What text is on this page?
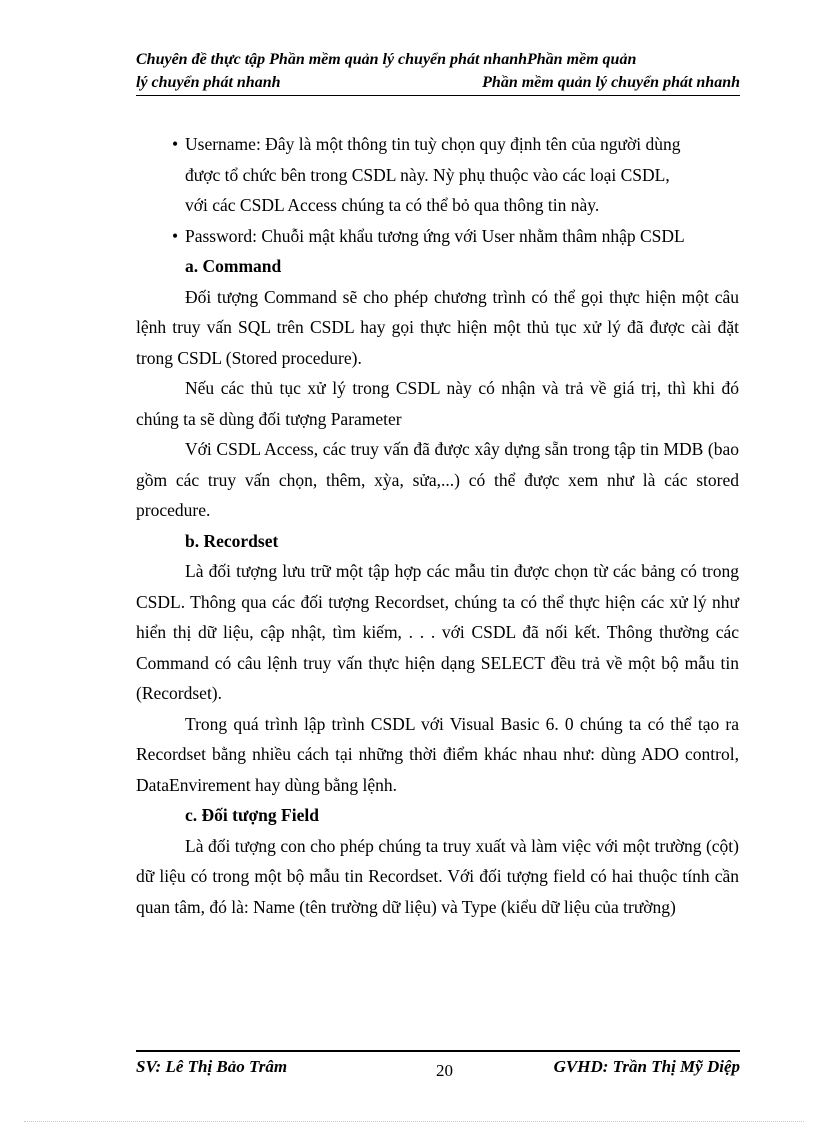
Chuyên đề thực tập Phần mềm quản lý chuyển phát nhanhPhần mềm quản
lý chuyển phát nhanh	Phần mềm quản lý chuyển phát nhanh

• Username: Đây là một thông tin tuỳ chọn quy định tên của người dùng

được tổ chức bên trong CSDL này. Nỳ phụ thuộc vào các loại CSDL,

với các CSDL Access chúng ta có thể bỏ qua thông tin này.

• Password: Chuỗi mật khẩu tương ứng với User nhằm thâm nhập CSDL

a. Command

Đối tượng Command sẽ cho phép chương trình có thể gọi thực hiện một câu lệnh truy vấn SQL trên CSDL hay gọi thực hiện một thủ tục xử lý đã được cài đặt trong CSDL (Stored procedure).

Nếu các thủ tục xử lý trong CSDL này có nhận và trả về giá trị, thì khi đó chúng ta sẽ dùng đối tượng Parameter

Với CSDL Access, các truy vấn đã được xây dựng sẵn trong tập tin MDB (bao gồm các truy vấn chọn, thêm, xỳa, sửa,...) có thể được xem như là các stored procedure.

b. Recordset

Là đối tượng lưu trữ một tập hợp các mẫu tin được chọn từ các bảng có trong CSDL. Thông qua các đối tượng Recordset, chúng ta có thể thực hiện các xử lý như hiển thị dữ liệu, cập nhật, tìm kiếm, . . . với CSDL đã nối kết. Thông thường các Command có câu lệnh truy vấn thực hiện dạng SELECT đều trả về một bộ mẫu tin (Recordset).

Trong quá trình lập trình CSDL với Visual Basic 6. 0 chúng ta có thể tạo ra Recordset bằng nhiều cách tại những thời điểm khác nhau như: dùng ADO control, DataEnvirement hay dùng bằng lệnh.

c. Đối tượng Field

Là đối tượng con cho phép chúng ta truy xuất và làm việc với một trường (cột) dữ liệu có trong một bộ mẫu tin Recordset. Với đối tượng field có hai thuộc tính cần quan tâm, đó là: Name (tên trường dữ liệu) và Type (kiểu dữ liệu của trường)

SV: Lê Thị Bảo Trâm	20	GVHD: Trần Thị Mỹ Diệp
